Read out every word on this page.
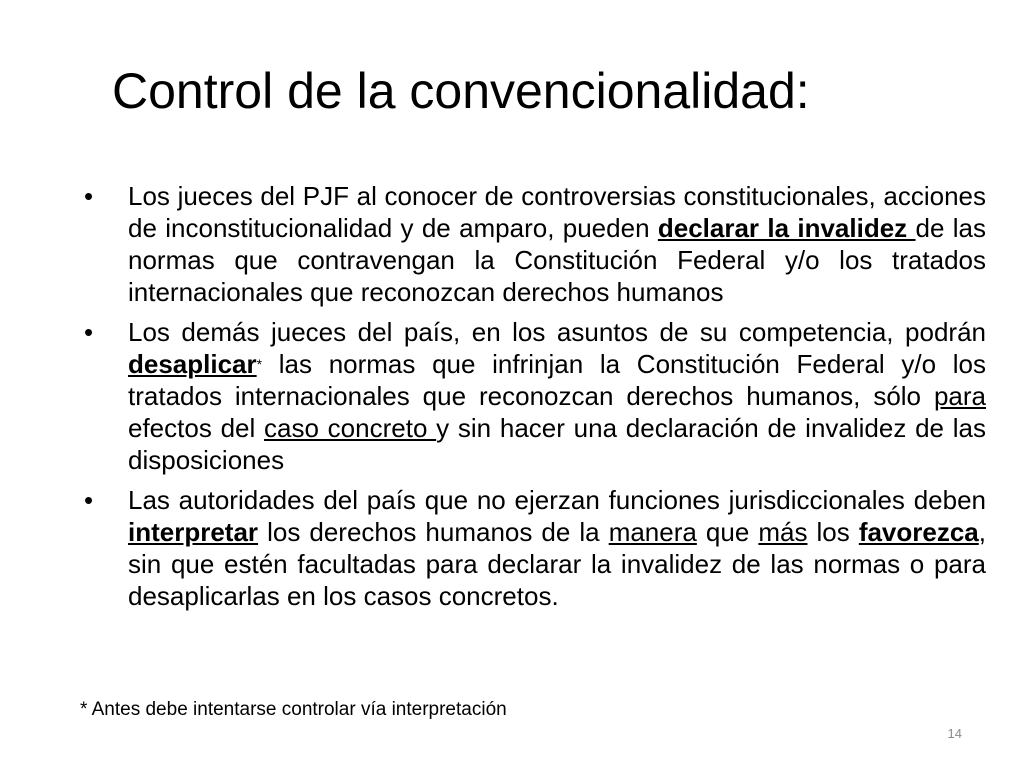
Control de la convencionalidad:
• Los jueces del PJF al conocer de controversias constitucionales, acciones de inconstitucionalidad y de amparo, pueden declarar la invalidez de las normas que contravengan la Constitución Federal y/o los tratados internacionales que reconozcan derechos humanos
• Los demás jueces del país, en los asuntos de su competencia, podrán desaplicar* las normas que infrinjan la Constitución Federal y/o los tratados internacionales que reconozcan derechos humanos, sólo para efectos del caso concreto y sin hacer una declaración de invalidez de las disposiciones
• Las autoridades del país que no ejerzan funciones jurisdiccionales deben interpretar los derechos humanos de la manera que más los favorezca, sin que estén facultadas para declarar la invalidez de las normas o para desaplicarlas en los casos concretos.
* Antes debe intentarse controlar vía interpretación
14
